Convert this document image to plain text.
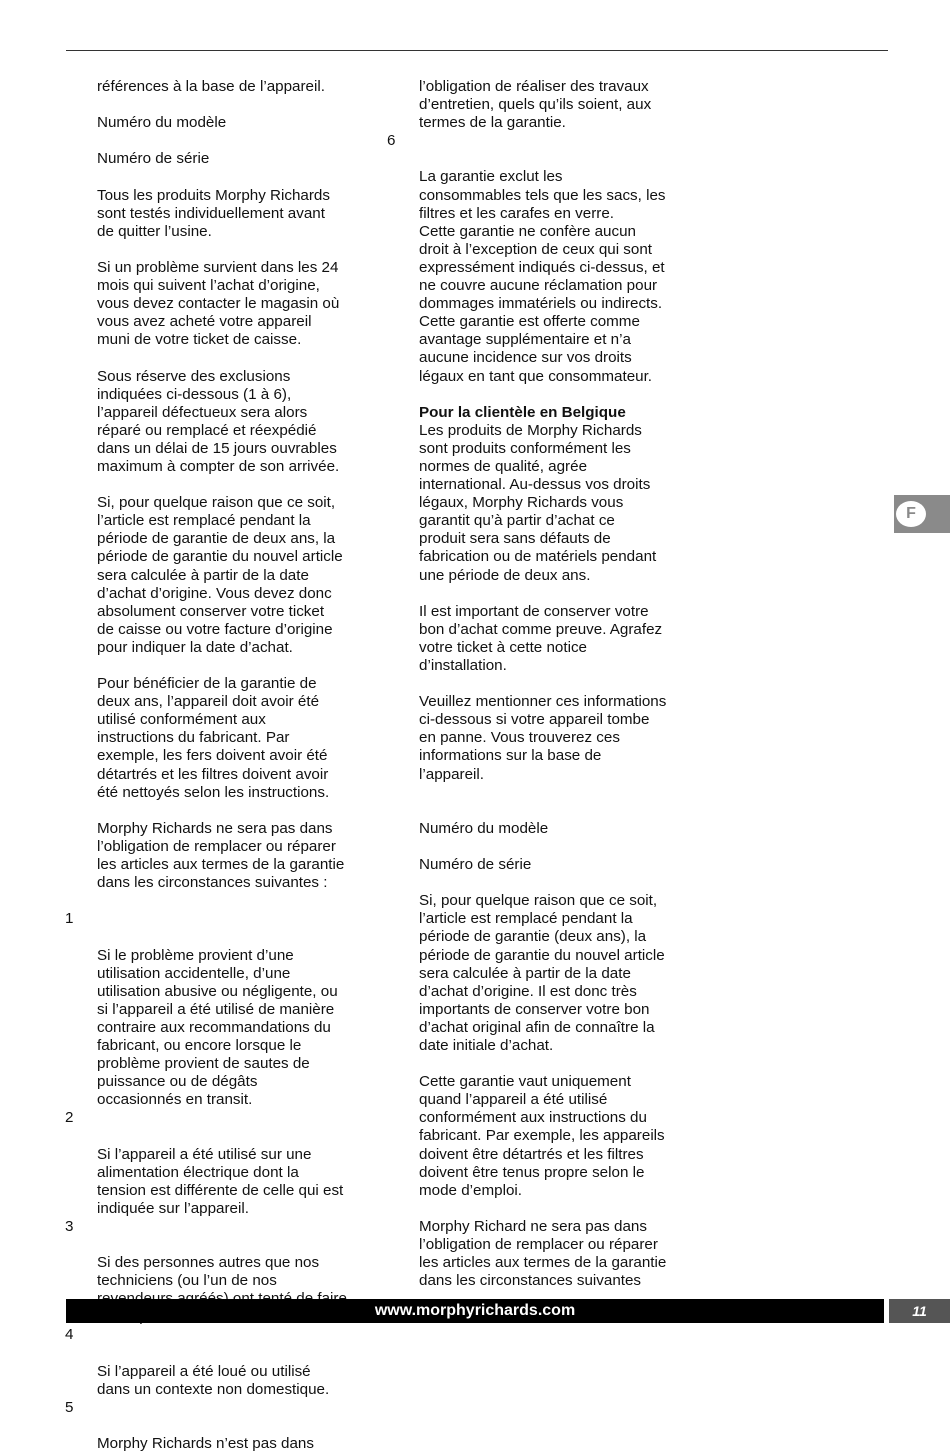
références à la base de l’appareil.

Numéro du modèle

Numéro de série

Tous les produits Morphy Richards
sont testés individuellement avant
de quitter l’usine.

Si un problème survient dans les 24
mois qui suivent l’achat d’origine,
vous devez contacter le magasin où
vous avez acheté votre appareil
muni de votre ticket de caisse.

Sous réserve des exclusions
indiquées ci-dessous (1 à 6),
l’appareil défectueux sera alors
réparé ou remplacé et réexpédié
dans un délai de 15 jours ouvrables
maximum à compter de son arrivée.

Si, pour quelque raison que ce soit,
l’article est remplacé pendant la
période de garantie de deux ans, la
période de garantie du nouvel article
sera calculée à partir de la date
d’achat d’origine. Vous devez donc
absolument conserver votre ticket
de caisse ou votre facture d’origine
pour indiquer la date d’achat.

Pour bénéficier de la garantie de
deux ans, l’appareil doit avoir été
utilisé conformément aux
instructions du fabricant. Par
exemple, les fers doivent avoir été
détartrés et les filtres doivent avoir
été nettoyés selon les instructions.

Morphy Richards ne sera pas dans
l’obligation de remplacer ou réparer
les articles aux termes de la garantie
dans les circonstances suivantes :

1

Si le problème provient d’une
utilisation accidentelle, d’une
utilisation abusive ou négligente, ou
si l’appareil a été utilisé de manière
contraire aux recommandations du
fabricant, ou encore lorsque le
problème provient de sautes de
puissance ou de dégâts
occasionnés en transit.

2

Si l’appareil a été utilisé sur une
alimentation électrique dont la
tension est différente de celle qui est
indiquée sur l’appareil.

3

Si des personnes autres que nos
techniciens (ou l’un de nos

4

Si l’appareil a été loué ou utilisé
dans un contexte non domestique.

5

Morphy Richards n’est pas dans

l’obligation de réaliser des travaux
d’entretien, quels qu’ils soient, aux
termes de la garantie.

6

La garantie exclut les
consommables tels que les sacs, les
filtres et les carafes en verre.
Cette garantie ne confère aucun
droit à l’exception de ceux qui sont
expressément indiqués ci-dessus, et
ne couvre aucune réclamation pour
dommages immatériels ou indirects.
Cette garantie est offerte comme
avantage supplémentaire et n’a
aucune incidence sur vos droits
légaux en tant que consommateur.

Pour la clientèle en Belgique
Les produits de Morphy Richards
sont produits conformément les
normes de qualité, agrée
international. Au-dessus vos droits
légaux, Morphy Richards vous
garantit qu’à partir d’achat ce
produit sera sans défauts de
fabrication ou de matériels pendant
une période de deux ans.

Il est important de conserver votre
bon d’achat comme preuve. Agrafez
votre ticket à cette notice
d’installation.

Veuillez mentionner ces informations
ci-dessous si votre appareil tombe
en panne. Vous trouverez ces
informations sur la base de
l’appareil.

Numéro du modèle

Numéro de série

Si, pour quelque raison que ce soit,
l’article est remplacé pendant la
période de garantie (deux ans), la
période de garantie du nouvel article
sera calculée à partir de la date
d’achat d’origine. Il est donc très
importants de conserver votre bon
d’achat original afin de connaître la
date initiale d’achat.

Cette garantie vaut uniquement
quand l’appareil a été utilisé
conformément aux instructions du
fabricant. Par exemple, les appareils
doivent être détartrés et les filtres
doivent être tenus propre selon le
mode d’emploi.

Morphy Richard ne sera pas dans
l’obligation de remplacer ou réparer
les articles aux termes de la garantie
dans les circonstances suivantes

F
www.morphyrichards.com	11
